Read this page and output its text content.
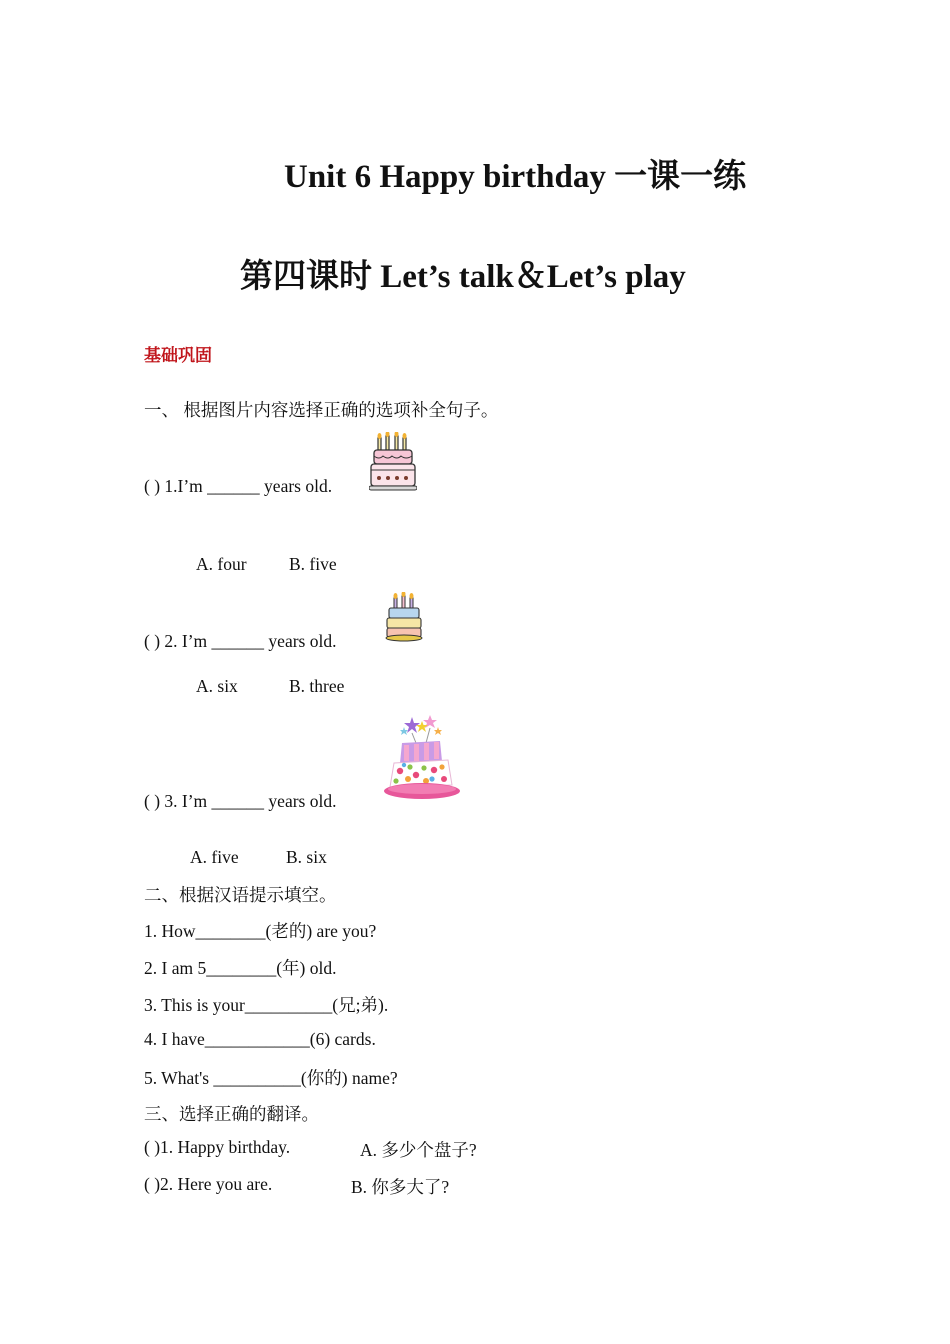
Unit 6 Happy birthday 一课一练
第四课时 Let’s talk＆Let’s play
基础巩固
一、 根据图片内容选择正确的选项补全句子。
( ) 1.I’m ______ years old.
A. four B. five
( ) 2. I’m ______ years old.
A. six	B. three
( ) 3. I’m ______ years old.
A. five	B. six
二、根据汉语提示填空。
1. How________(老的) are you?
2. I am 5________(年) old.
3. This is your__________(兄;弟).
4. I have____________(6) cards.
5. What's __________(你的) name?
三、选择正确的翻译。
( )1. Happy birthday.	A. 多少个盘子?
( )2. Here you are.	B. 你多大了?
